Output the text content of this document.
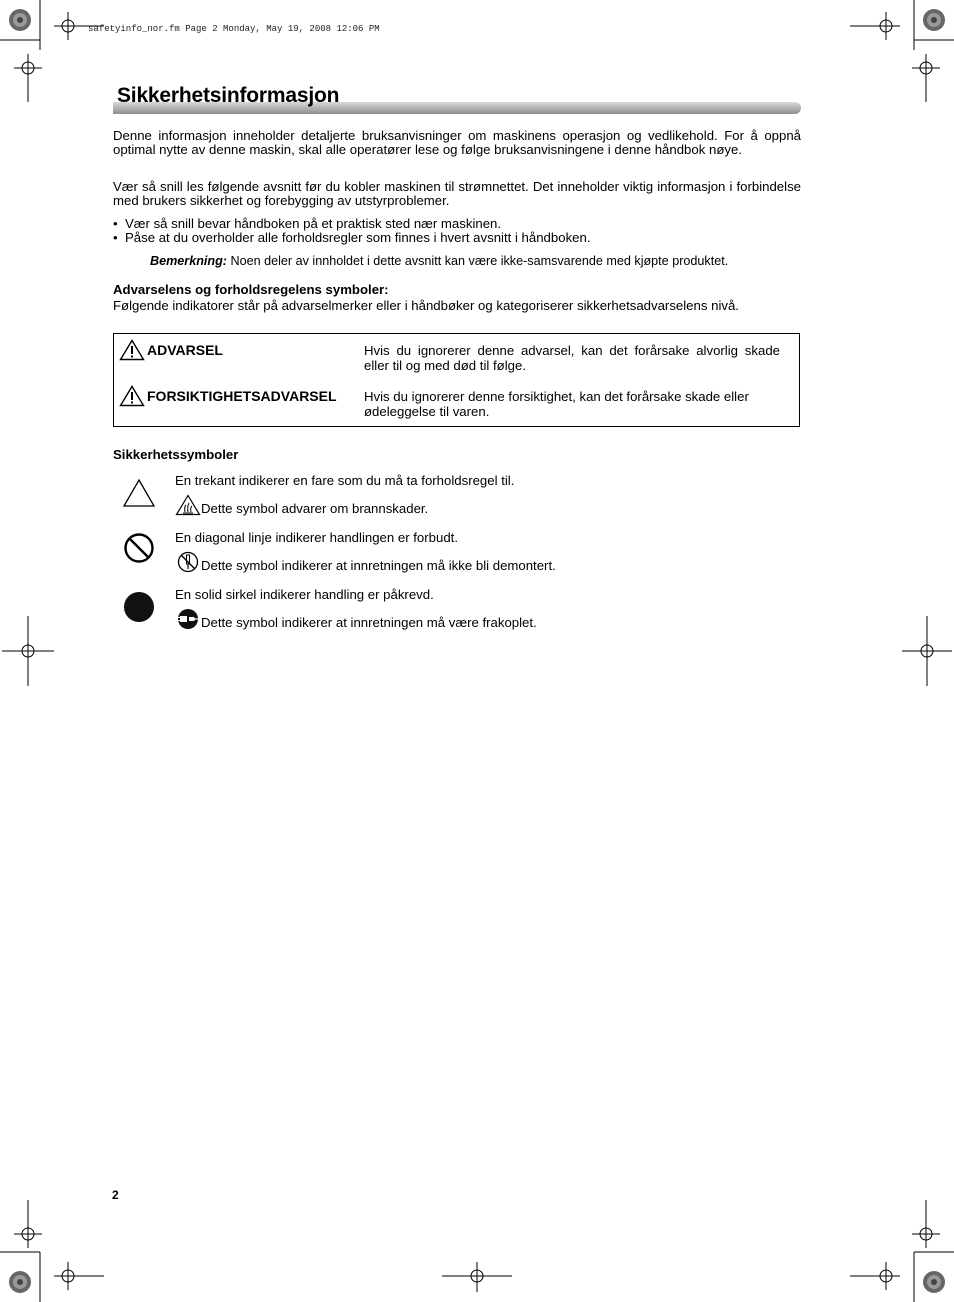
safetyinfo_nor.fm Page 2 Monday, May 19, 2008 12:06 PM
Sikkerhetsinformasjon
Denne informasjon inneholder detaljerte bruksanvisninger om maskinens operasjon og vedlikehold. For å oppnå optimal nytte av denne maskin, skal alle operatører lese og følge bruksanvisningene i denne håndbok nøye.
Vær så snill les følgende avsnitt før du kobler maskinen til strømnettet. Det inneholder viktig informasjon i forbindelse med brukers sikkerhet og forebygging av utstyrproblemer.
• Vær så snill bevar håndboken på et praktisk sted nær maskinen.
• Påse at du overholder alle forholdsregler som finnes i hvert avsnitt i håndboken.
Bemerkning: Noen deler av innholdet i dette avsnitt kan være ikke-samsvarende med kjøpte produktet.
Advarselens og forholdsregelens symboler:
Følgende indikatorer står på advarselmerker eller i håndbøker og kategoriserer sikkerhetsadvarselens nivå.
ADVARSEL	Hvis du ignorerer denne advarsel, kan det forårsake alvorlig skade eller til og med død til følge.
FORSIKTIGHETSADVARSEL Hvis du ignorerer denne forsiktighet, kan det forårsake skade eller ødeleggelse til varen.
Sikkerhetssymboler
En trekant indikerer en fare som du må ta forholdsregel til.
Dette symbol advarer om brannskader.
En diagonal linje indikerer handlingen er forbudt.
Dette symbol indikerer at innretningen må ikke bli demontert.
En solid sirkel indikerer handling er påkrevd.
Dette symbol indikerer at innretningen må være frakoplet.
2
